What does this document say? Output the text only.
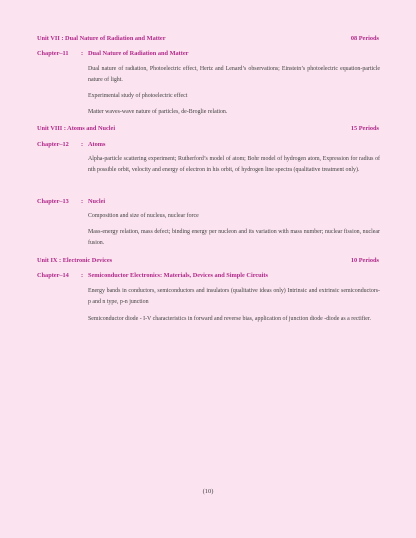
Unit VII : Dual Nature of Radiation and Matter	08 Periods
Chapter–11 : Dual Nature of Radiation and Matter
Dual nature of radiation, Photoelectric effect, Hertz and Lenard’s observations; Einstein’s photoelectric equation-particle nature of light.
Experimental study of photoelectric effect
Matter waves-wave nature of particles, de-Broglie relation.
Unit VIII : Atoms and Nuclei	15 Periods
Chapter–12 : Atoms
Alpha-particle scattering experiment; Rutherford’s model of atom; Bohr model of hydrogen atom, Expression for radius of nth possible orbit, velocity and energy of electron in his orbit, of hydrogen line spectra (qualitative treatment only).
Chapter–13 : Nuclei
Composition and size of nucleus, nuclear force
Mass-energy relation, mass defect; binding energy per nucleon and its variation with mass number; nuclear fission, nuclear fusion.
Unit IX : Electronic Devices	10 Periods
Chapter–14 : Semiconductor Electronics: Materials, Devices and Simple Circuits
Energy bands in conductors, semiconductors and insulators (qualitative ideas only) Intrinsic and extrinsic semiconductors- p and n type, p-n junction
Semiconductor diode - I-V characteristics in forward and reverse bias, application of junction diode -diode as a rectifier.
(10)
